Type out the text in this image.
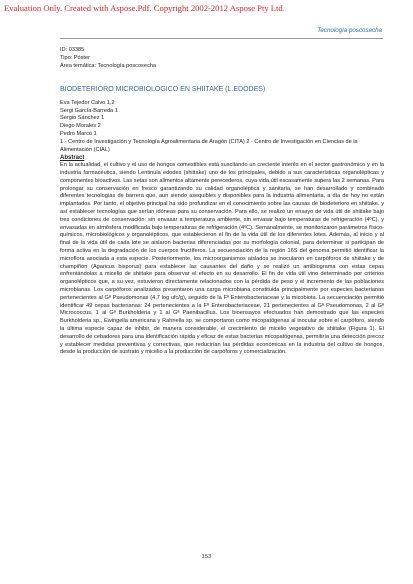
Evaluation Only. Created with Aspose.Pdf. Copyright 2002-2012 Aspose Pty Ltd.
Tecnología poscosecha

ID: 03385

Tipo: Póster

Área temática: Tecnología poscosecha

BIODETERIORO MICROBIOLÓGICO EN SHIITAKE (L.EDODES)

Eva Tejedor Calvo 1,2

Sergi García-Barreda 1

Sergio Sánchez 1

Diego Morales 2

Pedro Marco 1

1 - Centro de Investigación y Tecnología Agroalimentaria de Aragón (CITA) 2 - Centro de Investigación en Ciencias de la Alimentación (CIAL)

Abstract

En la actualidad, el cultivo y el uso de hongos comestibles está suscitando un creciente interés en el sector gastronómico y en la industria farmacéutica, siendo Lentinula edodes (shiitake) uno de los principales, debido a sus características organolépticas y componentes bioactivos. Las setas son alimentos altamente perecederos, cuya vida útil escasamente supera las 2 semanas. Para prolongar su conservación en fresco garantizando su calidad organoléptica y sanitaria, se han desarrollado y combinado diferentes tecnologías de barrera que, aun siendo asequibles y disponibles para la industria alimentaria, a día de hoy no están implantados. Por tanto, el objetivo principal ha sido profundizar en el conocimiento sobre las causas de biodeterioro en shiitake, y así establecer tecnologías que serían idóneas para su conservación. Para ello, se realizó un ensayo de vida útil de shiitake bajo tres condiciones de conservación: sin envasar a temperatura ambiente, sin envasar bajo temperaturas de refrigeración (4ºC), y envasadas en atmósfera modificada bajo temperaturas de refrigeración (4ºC). Semanalmente, se monitorizaron parámetros físico-químicos, microbiológicos y organolépticos, que establecieron el fin de la vida útil de los diferentes lotes. Además, al inicio y al final de la vida útil de cada lote se aislaron bacterias diferenciadas por su morfología colonial, para determinar si participan de forma activa en la degradación de los cuerpos fructíferos. La secuenciación de la región 16S del genoma permitió identificar la microflora asociada a esta especie. Posteriormente, los microorganismos aislados se inocularon en carpóforos de shiitake y de champiñón (Agaricus bisporus) para establecer las causantes del daño y se realizó un antibiograma con estas cepas enfrentándolas a micelio de shiitake para observar el efecto en su desarrollo. El fin de vida útil vino determinado por criterios organolépticos que, a su vez, estuvieron directamente relacionados con la pérdida de peso y el incremento de las poblaciones microbianas. Los carpóforos analizados presentaron una carga microbiana constituida principalmente por especies bacterianas pertenecientes al Gª Pseudomonas (4,7 log ufc/g), seguido de la Fª Enterobacteriaceae y la micobiota. La secuenciación permitió identificar 49 cepas bacterianas: 24 pertenecientes a la Fª Enterobacteriaceae, 21 pertenecientes al Gª Pseudomonas, 2 al Gª Micrococcus, 1 al Gª Burkholderia y 1 al Gª Paenibacillus. Los bioensayos efectuados han demostrado que las especies Burkholderia sp., Ewingella americana y Rahnella sp. se comportaron como micopatógenas al inocular sobre el carpóforo, siendo la última especie capaz de inhibir, de manera considerable, el crecimiento de micelio vegetativo de shiitake (Figura 1). El desarrollo de cebadores para una identificación rápida y eficaz de estas bacterias micopatógenas, permitiría una detección precoz y establecer medidas preventivas y correctivas, que reducirían las pérdidas económicas en la industria del cultivo de hongos, desde la producción de sustrato y micelio a la producción de carpóforos y comercialización.

153
